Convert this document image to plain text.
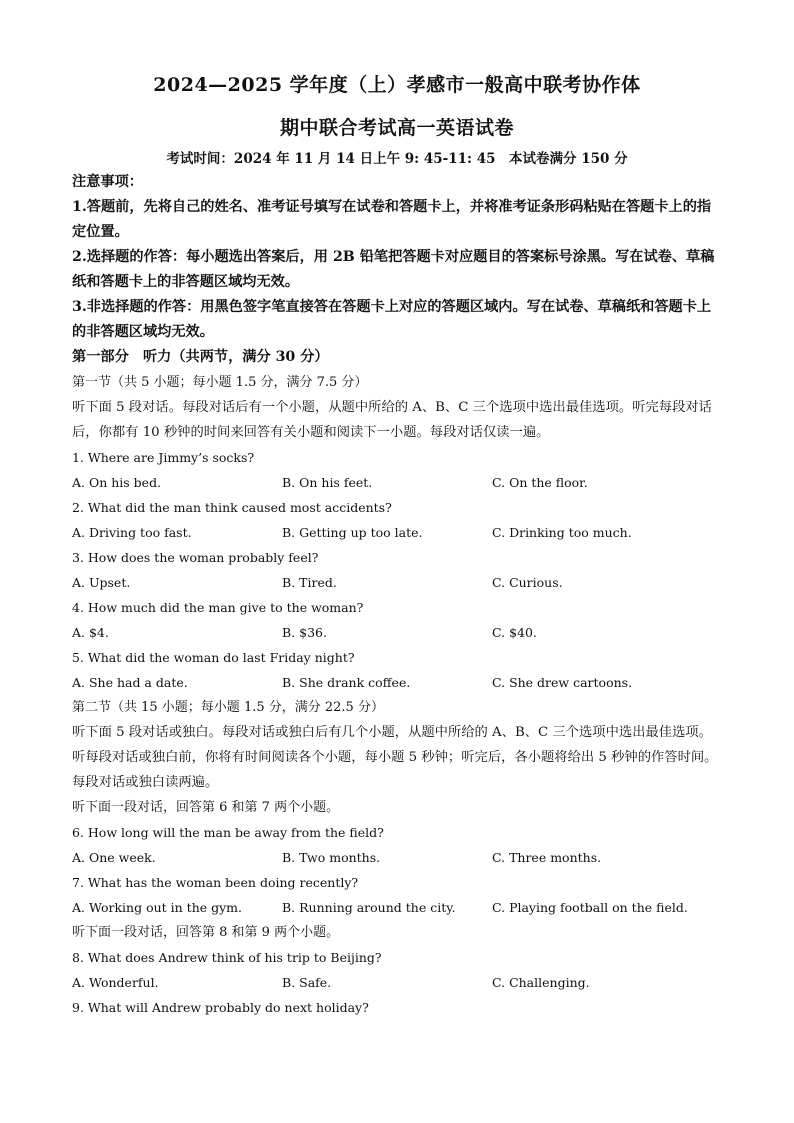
2024—2025 学年度（上）孝感市一般高中联考协作体
期中联合考试高一英语试卷
考试时间：2024 年 11 月 14 日上午 9: 45-11: 45　本试卷满分 150 分
注意事项：
1.答题前，先将自己的姓名、准考证号填写在试卷和答题卡上，并将准考证条形码粘贴在答题卡上的指定位置。
2.选择题的作答：每小题选出答案后，用 2B 铅笔把答题卡对应题目的答案标号涂黑。写在试卷、草稿纸和答题卡上的非答题区域均无效。
3.非选择题的作答：用黑色签字笔直接答在答题卡上对应的答题区域内。写在试卷、草稿纸和答题卡上的非答题区域均无效。
第一部分　听力（共两节，满分 30 分）
第一节（共 5 小题；每小题 1.5 分，满分 7.5 分）
听下面 5 段对话。每段对话后有一个小题，从题中所给的 A、B、C 三个选项中选出最佳选项。听完每段对话后，你都有 10 秒钟的时间来回答有关小题和阅读下一小题。每段对话仅读一遍。
1. Where are Jimmy’s socks?
A. On his bed.	B. On his feet.	C. On the floor.
2. What did the man think caused most accidents?
A. Driving too fast.	B. Getting up too late.	C. Drinking too much.
3. How does the woman probably feel?
A. Upset.	B. Tired.	C. Curious.
4. How much did the man give to the woman?
A. $4.	B. $36.	C. $40.
5. What did the woman do last Friday night?
A. She had a date.	B. She drank coffee.	C. She drew cartoons.
第二节（共 15 小题；每小题 1.5 分，满分 22.5 分）
听下面 5 段对话或独白。每段对话或独白后有几个小题，从题中所给的 A、B、C 三个选项中选出最佳选项。听每段对话或独白前，你将有时间阅读各个小题，每小题 5 秒钟；听完后，各小题将给出 5 秒钟的作答时间。每段对话或独白读两遍。
听下面一段对话，回答第 6 和第 7 两个小题。
6. How long will the man be away from the field?
A. One week.	B. Two months.	C. Three months.
7. What has the woman been doing recently?
A. Working out in the gym.	B. Running around the city.	C. Playing football on the field.
听下面一段对话，回答第 8 和第 9 两个小题。
8. What does Andrew think of his trip to Beijing?
A. Wonderful.	B. Safe.	C. Challenging.
9. What will Andrew probably do next holiday?
